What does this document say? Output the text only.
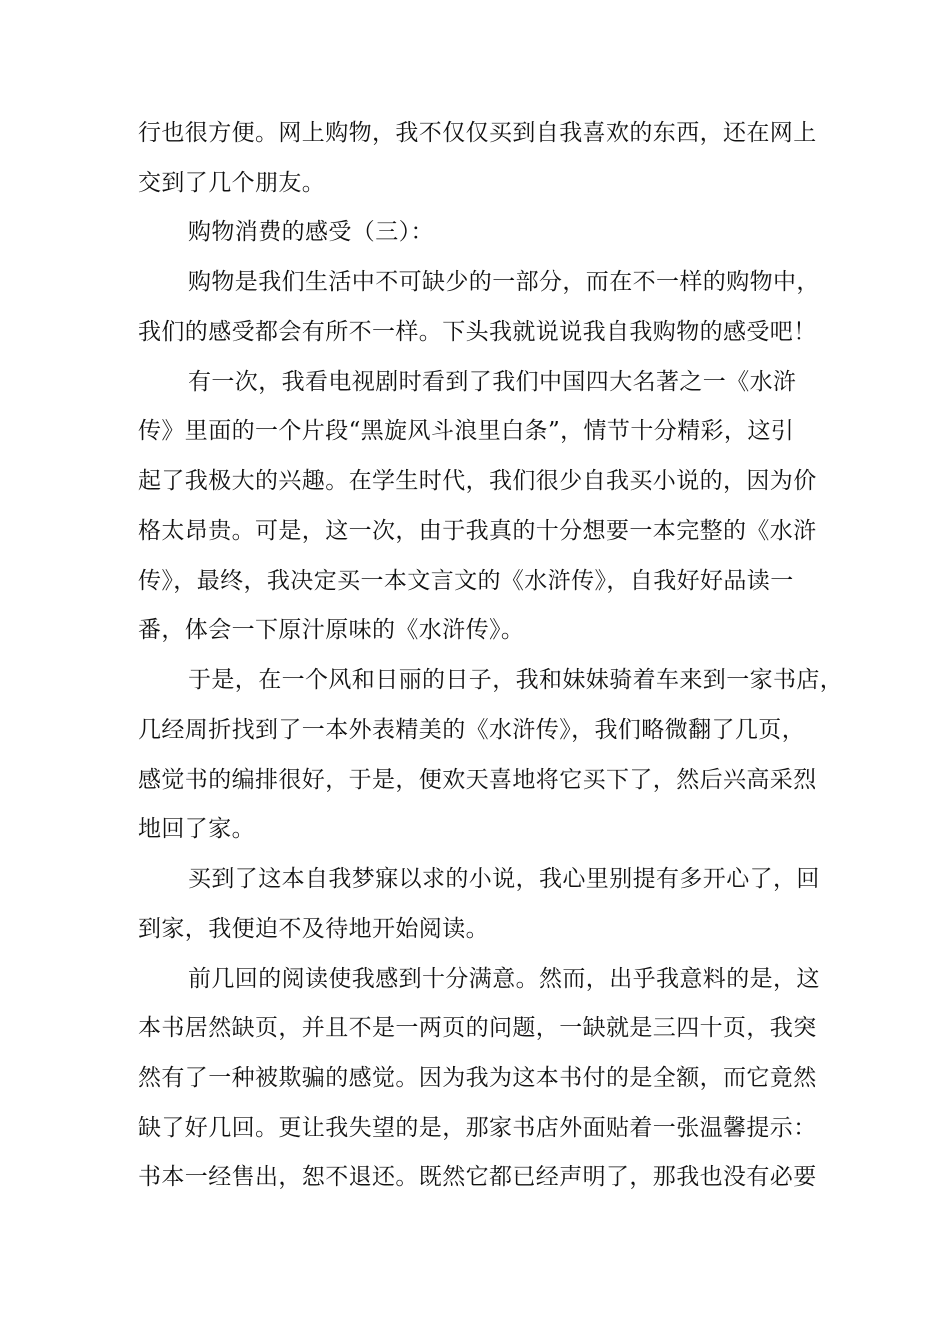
行也很方便。网上购物，我不仅仅买到自我喜欢的东西，还在网上
交到了几个朋友。
购物消费的感受（三）：
购物是我们生活中不可缺少的一部分，而在不一样的购物中，
我们的感受都会有所不一样。下头我就说说我自我购物的感受吧！
有一次，我看电视剧时看到了我们中国四大名著之一《水浒
传》里面的一个片段“黑旋风斗浪里白条”，情节十分精彩，这引
起了我极大的兴趣。在学生时代，我们很少自我买小说的，因为价
格太昂贵。可是，这一次，由于我真的十分想要一本完整的《水浒
传》，最终，我决定买一本文言文的《水浒传》，自我好好品读一
番，体会一下原汁原味的《水浒传》。
于是，在一个风和日丽的日子，我和妹妹骑着车来到一家书店，
几经周折找到了一本外表精美的《水浒传》，我们略微翻了几页，
感觉书的编排很好，于是，便欢天喜地将它买下了，然后兴高采烈
地回了家。
买到了这本自我梦寐以求的小说，我心里别提有多开心了，回
到家，我便迫不及待地开始阅读。
前几回的阅读使我感到十分满意。然而，出乎我意料的是，这
本书居然缺页，并且不是一两页的问题，一缺就是三四十页，我突
然有了一种被欺骗的感觉。因为我为这本书付的是全额，而它竟然
缺了好几回。更让我失望的是，那家书店外面贴着一张温馨提示：
书本一经售出，恕不退还。既然它都已经声明了，那我也没有必要
